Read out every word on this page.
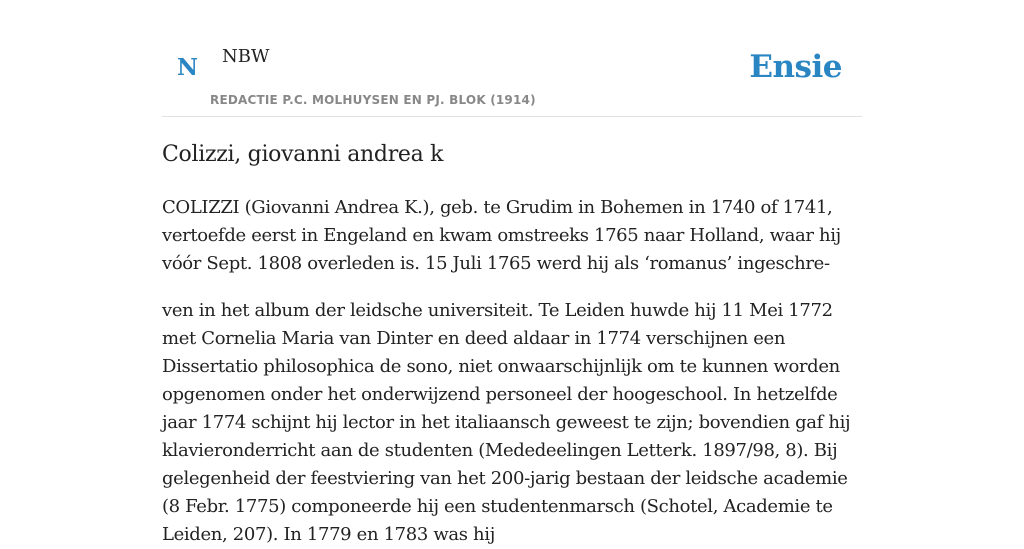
N NBW
REDACTIE P.C. MOLHUYSEN EN PJ. BLOK (1914)
Ensie
Colizzi, giovanni andrea k

COLIZZI (Giovanni Andrea K.), geb. te Grudim in Bohemen in 1740 of 1741, vertoefde eerst in Engeland en kwam omstreeks 1765 naar Holland, waar hij vóór Sept. 1808 overleden is. 15 Juli 1765 werd hij als ‘romanus’ ingeschre-

ven in het album der leidsche universiteit. Te Leiden huwde hij 11 Mei 1772 met Cornelia Maria van Dinter en deed aldaar in 1774 verschijnen een Dissertatio philosophica de sono, niet onwaarschijnlijk om te kunnen worden opgenomen onder het onderwijzend personeel der hoogeschool. In hetzelfde jaar 1774 schijnt hij lector in het italiaansch geweest te zijn; bovendien gaf hij klavieronderricht aan de studenten (Mededeelingen Letterk. 1897/98, 8). Bij gelegenheid der feestviering van het 200-jarig bestaan der leidsche academie (8 Febr. 1775) componeerde hij een studentenmarsch (Schotel, Academie te Leiden, 207). In 1779 en 1783 was hij
